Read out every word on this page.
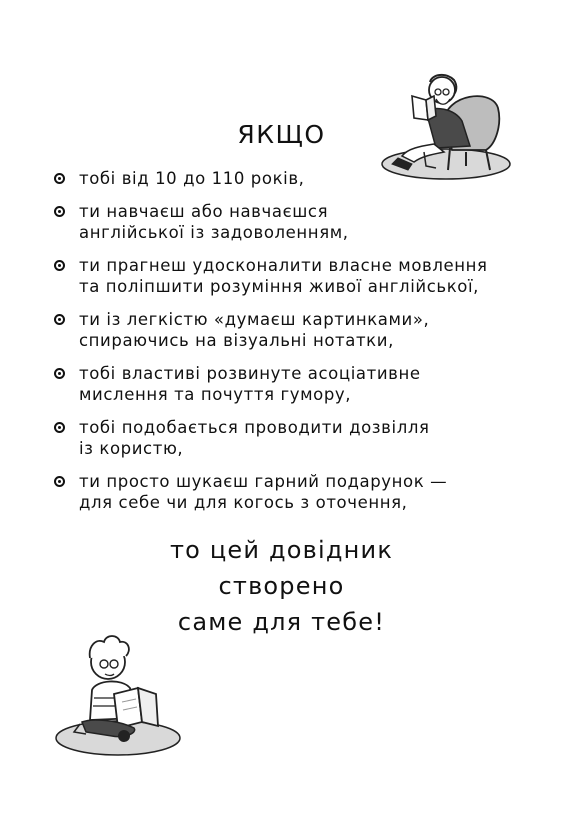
ЯКЩО
тобі від 10 до 110 років,
ти навчаєш або навчаєшся
англійської із задоволенням,
ти прагнеш удосконалити власне мовлення
та поліпшити розуміння живої англійської,
ти із легкістю «думаєш картинками»,
спираючись на візуальні нотатки,
тобі властиві розвинуте асоціативне
мислення та почуття гумору,
тобі подобається проводити дозвілля
із користю,
ти просто шукаєш гарний подарунок —
для себе чи для когось з оточення,
то цей довідник
створено
саме для тебе!
